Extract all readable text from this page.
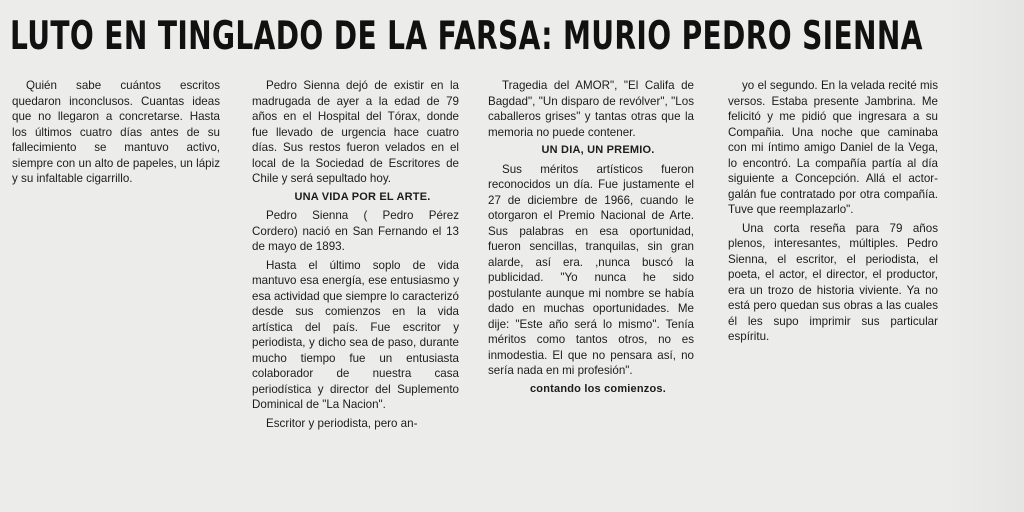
LUTO EN TINGLADO DE LA FARSA: MURIO PEDRO SIENNA

Quién sabe cuántos escritos quedaron inconclusos. Cuantas ideas que no llegaron a concretarse. Hasta los últimos cuatro días antes de su fallecimiento se mantuvo activo, siempre con un alto de papeles, un lápiz y su infaltable cigarrillo.

Pedro Sienna dejó de existir en la madrugada de ayer a la edad de 79 años en el Hospital del Tórax, donde fue llevado de urgencia hace cuatro días. Sus restos fueron velados en el local de la Sociedad de Escritores de Chile y será sepultado hoy.

UNA VIDA POR EL ARTE.

Pedro Sienna ( Pedro Pérez Cordero) nació en San Fernando el 13 de mayo de 1893.

Hasta el último soplo de vida mantuvo esa energía, ese entusiasmo y esa actividad que siempre lo caracterizó desde sus comienzos en la vida artística del país. Fue escritor y periodista, y dicho sea de paso, durante mucho tiempo fue un entusiasta colaborador de nuestra casa periodística y director del Suplemento Dominical de "La Nacion".

Escritor y periodista, pero an-

Tragedia del AMOR", "El Califa de Bagdad", "Un disparo de revólver", "Los caballeros grises" y tantas otras que la memoria no puede contener.

UN DIA, UN PREMIO.

Sus méritos artísticos fueron reconocidos un día. Fue justamente el 27 de diciembre de 1966, cuando le otorgaron el Premio Nacional de Arte. Sus palabras en esa oportunidad, fueron sencillas, tranquilas, sin gran alarde, así era. ,nunca buscó la publicidad. "Yo nunca he sido postulante aunque mi nombre se había dado en muchas oportunidades. Me dije: "Este año será lo mismo". Tenía méritos como tantos otros, no es inmodestia. El que no pensara así, no sería nada en mi profesión".

contando los comienzos.

yo el segundo. En la velada recité mis versos. Estaba presente Jambrina. Me felicitó y me pidió que ingresara a su Compañia. Una noche que caminaba con mi íntimo amigo Daniel de la Vega, lo encontró. La compañía partía al día siguiente a Concepción. Allá el actor-galán fue contratado por otra compañía. Tuve que reemplazarlo".

Una corta reseña para 79 años plenos, interesantes, múltiples. Pedro Sienna, el escritor, el periodista, el poeta, el actor, el director, el productor, era un trozo de historia viviente. Ya no está pero quedan sus obras a las cuales él les supo imprimir sus particular espíritu.
